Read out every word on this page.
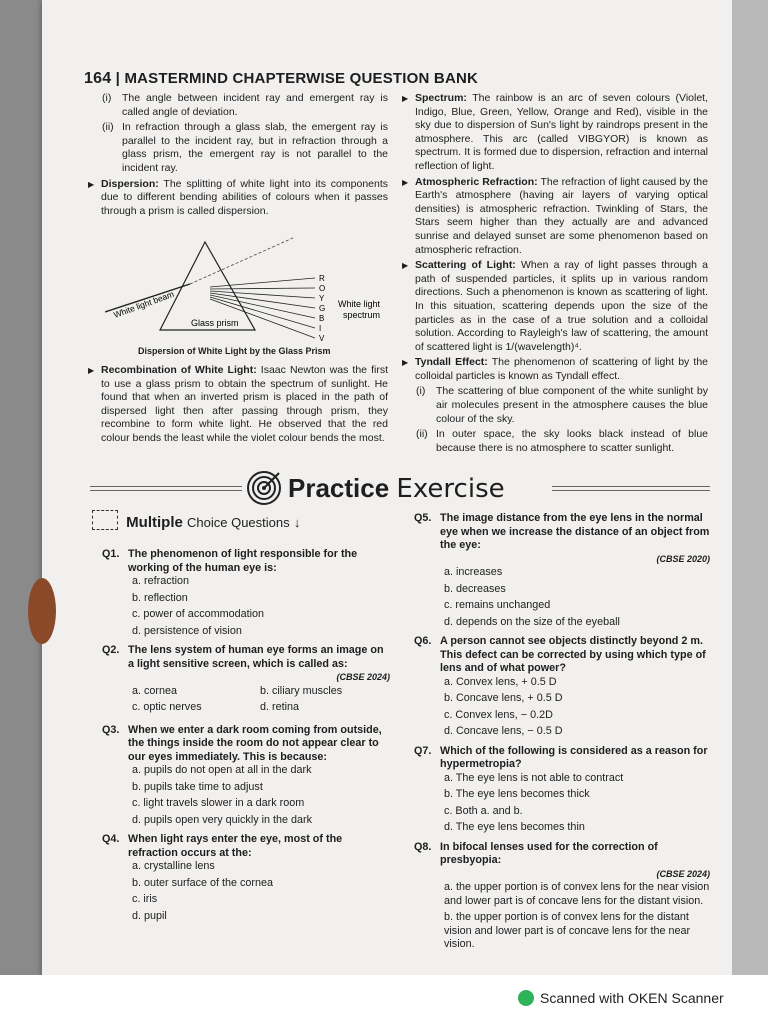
164 | MASTERMIND CHAPTERWISE QUESTION BANK

(i) The angle between incident ray and emergent ray is called angle of deviation.

(ii) In refraction through a glass slab, the emergent ray is parallel to the incident ray, but in refraction through a glass prism, the emergent ray is not parallel to the incident ray.

▶ Dispersion: The splitting of white light into its components due to different bending abilities of colours when it passes through a prism is called dispersion.

White light beam
Glass prism
R
O
Y
G
B
I
V
White light
spectrum
Dispersion of White Light by the Glass Prism

▶ Recombination of White Light: Isaac Newton was the first to use a glass prism to obtain the spectrum of sunlight. He found that when an inverted prism is placed in the path of dispersed light then after passing through prism, they recombine to form white light. He observed that the red colour bends the least while the violet colour bends the most.

▶ Spectrum: The rainbow is an arc of seven colours (Violet, Indigo, Blue, Green, Yellow, Orange and Red), visible in the sky due to dispersion of Sun's light by raindrops present in the atmosphere. This arc (called VIBGYOR) is known as spectrum. It is formed due to dispersion, refraction and internal reflection of light.

▶ Atmospheric Refraction: The refraction of light caused by the Earth's atmosphere (having air layers of varying optical densities) is atmospheric refraction. Twinkling of Stars, the Stars seem higher than they actually are and advanced sunrise and delayed sunset are some phenomenon based on atmospheric refraction.

▶ Scattering of Light: When a ray of light passes through a path of suspended particles, it splits up in various random directions. Such a phenomenon is known as scattering of light. In this situation, scattering depends upon the size of the particles as in the case of a true solution and a colloidal solution. According to Rayleigh's law of scattering, the amount of scattered light is 1/(wavelength)⁴.

▶ Tyndall Effect: The phenomenon of scattering of light by the colloidal particles is known as Tyndall effect.

(i) The scattering of blue component of the white sunlight by air molecules present in the atmosphere causes the blue colour of the sky.

(ii) In outer space, the sky looks black instead of blue because there is no atmosphere to scatter sunlight.

Practice Exercise
Multiple Choice Questions ↓
Q1. The phenomenon of light responsible for the working of the human eye is:
a. refraction
b. reflection
c. power of accommodation
d. persistence of vision
Q2. The lens system of human eye forms an image on a light sensitive screen, which is called as:
(CBSE 2024)
a. cornea	b. ciliary muscles
c. optic nerves	d. retina
Q3. When we enter a dark room coming from outside, the things inside the room do not appear clear to our eyes immediately. This is because:
a. pupils do not open at all in the dark
b. pupils take time to adjust
c. light travels slower in a dark room
d. pupils open very quickly in the dark
Q4. When light rays enter the eye, most of the refraction occurs at the:
a. crystalline lens
b. outer surface of the cornea
c. iris
d. pupil
Q5. The image distance from the eye lens in the normal eye when we increase the distance of an object from the eye:
(CBSE 2020)
a. increases
b. decreases
c. remains unchanged
d. depends on the size of the eyeball
Q6. A person cannot see objects distinctly beyond 2 m. This defect can be corrected by using which type of lens and of what power?
a. Convex lens, + 0.5 D
b. Concave lens, + 0.5 D
c. Convex lens, − 0.2D
d. Concave lens, − 0.5 D
Q7. Which of the following is considered as a reason for hypermetropia?
a. The eye lens is not able to contract
b. The eye lens becomes thick
c. Both a. and b.
d. The eye lens becomes thin
Q8. In bifocal lenses used for the correction of presbyopia:
(CBSE 2024)
a. the upper portion is of convex lens for the near vision and lower part is of concave lens for the distant vision.
b. the upper portion is of convex lens for the distant vision and lower part is of concave lens for the near vision.
Scanned with OKEN Scanner
